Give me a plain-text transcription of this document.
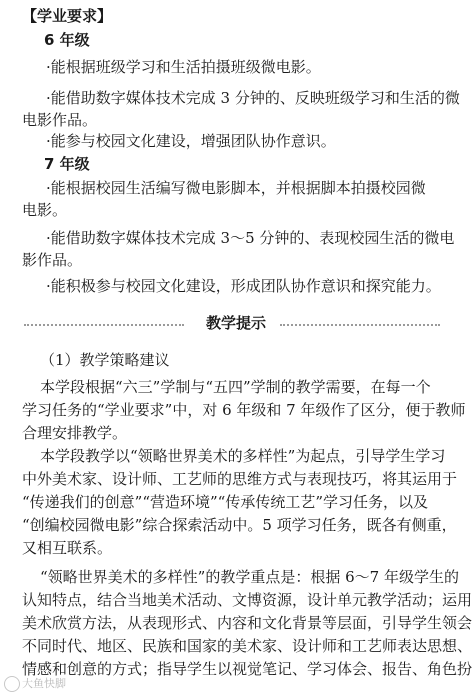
【学业要求】
6 年级
·能根据班级学习和生活拍摄班级微电影。
·能借助数字媒体技术完成 3 分钟的、反映班级学习和生活的微
电影作品。
·能参与校园文化建设，增强团队协作意识。
7 年级
·能根据校园生活编写微电影脚本，并根据脚本拍摄校园微
电影。
·能借助数字媒体技术完成 3～5 分钟的、表现校园生活的微电
影作品。
·能积极参与校园文化建设，形成团队协作意识和探究能力。
教学提示
（1）教学策略建议
本学段根据“六三”学制与“五四”学制的教学需要，在每一个
学习任务的“学业要求”中，对 6 年级和 7 年级作了区分，便于教师
合理安排教学。
本学段教学以“领略世界美术的多样性”为起点，引导学生学习
中外美术家、设计师、工艺师的思维方式与表现技巧，将其运用于
“传递我们的创意”“营造环境”“传承传统工艺”学习任务，以及
“创编校园微电影”综合探索活动中。5 项学习任务，既各有侧重，
又相互联系。
“领略世界美术的多样性”的教学重点是：根据 6～7 年级学生的
认知特点，结合当地美术活动、文博资源，设计单元教学活动；运用
美术欣赏方法，从表现形式、内容和文化背景等层面，引导学生领会
不同时代、地区、民族和国家的美术家、设计师和工艺师表达思想、
情感和创意的方式；指导学生以视觉笔记、学习体会、报告、角色扮
大鱼快脚
